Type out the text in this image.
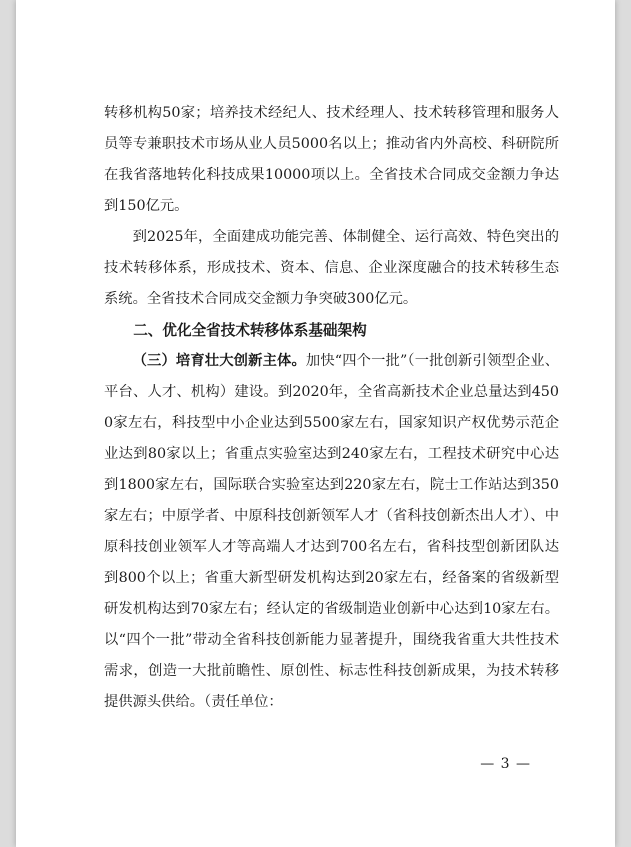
转移机构50家；培养技术经纪人、技术经理人、技术转移管理和服务人员等专兼职技术市场从业人员5000名以上；推动省内外高校、科研院所在我省落地转化科技成果10000项以上。全省技术合同成交金额力争达到150亿元。

到2025年，全面建成功能完善、体制健全、运行高效、特色突出的技术转移体系，形成技术、资本、信息、企业深度融合的技术转移生态系统。全省技术合同成交金额力争突破300亿元。

二、优化全省技术转移体系基础架构

（三）培育壮大创新主体。加快“四个一批”（一批创新引领型企业、平台、人才、机构）建设。到2020年，全省高新技术企业总量达到4500家左右，科技型中小企业达到5500家左右，国家知识产权优势示范企业达到80家以上；省重点实验室达到240家左右，工程技术研究中心达到1800家左右，国际联合实验室达到220家左右，院士工作站达到350家左右；中原学者、中原科技创新领军人才（省科技创新杰出人才）、中原科技创业领军人才等高端人才达到700名左右，省科技型创新团队达到800个以上；省重大新型研发机构达到20家左右，经备案的省级新型研发机构达到70家左右；经认定的省级制造业创新中心达到10家左右。以“四个一批”带动全省科技创新能力显著提升，围绕我省重大共性技术需求，创造一大批前瞻性、原创性、标志性科技创新成果，为技术转移提供源头供给。（责任单位：

— 3 —
